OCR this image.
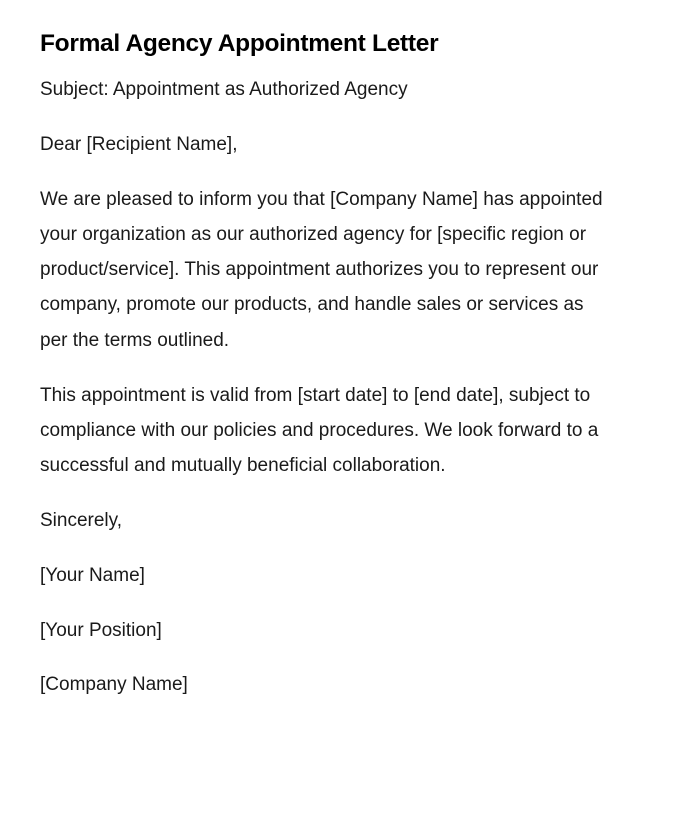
Formal Agency Appointment Letter

Subject: Appointment as Authorized Agency

Dear [Recipient Name],

We are pleased to inform you that [Company Name] has appointed your organization as our authorized agency for [specific region or product/service]. This appointment authorizes you to represent our company, promote our products, and handle sales or services as per the terms outlined.

This appointment is valid from [start date] to [end date], subject to compliance with our policies and procedures. We look forward to a successful and mutually beneficial collaboration.

Sincerely,

[Your Name]

[Your Position]

[Company Name]
